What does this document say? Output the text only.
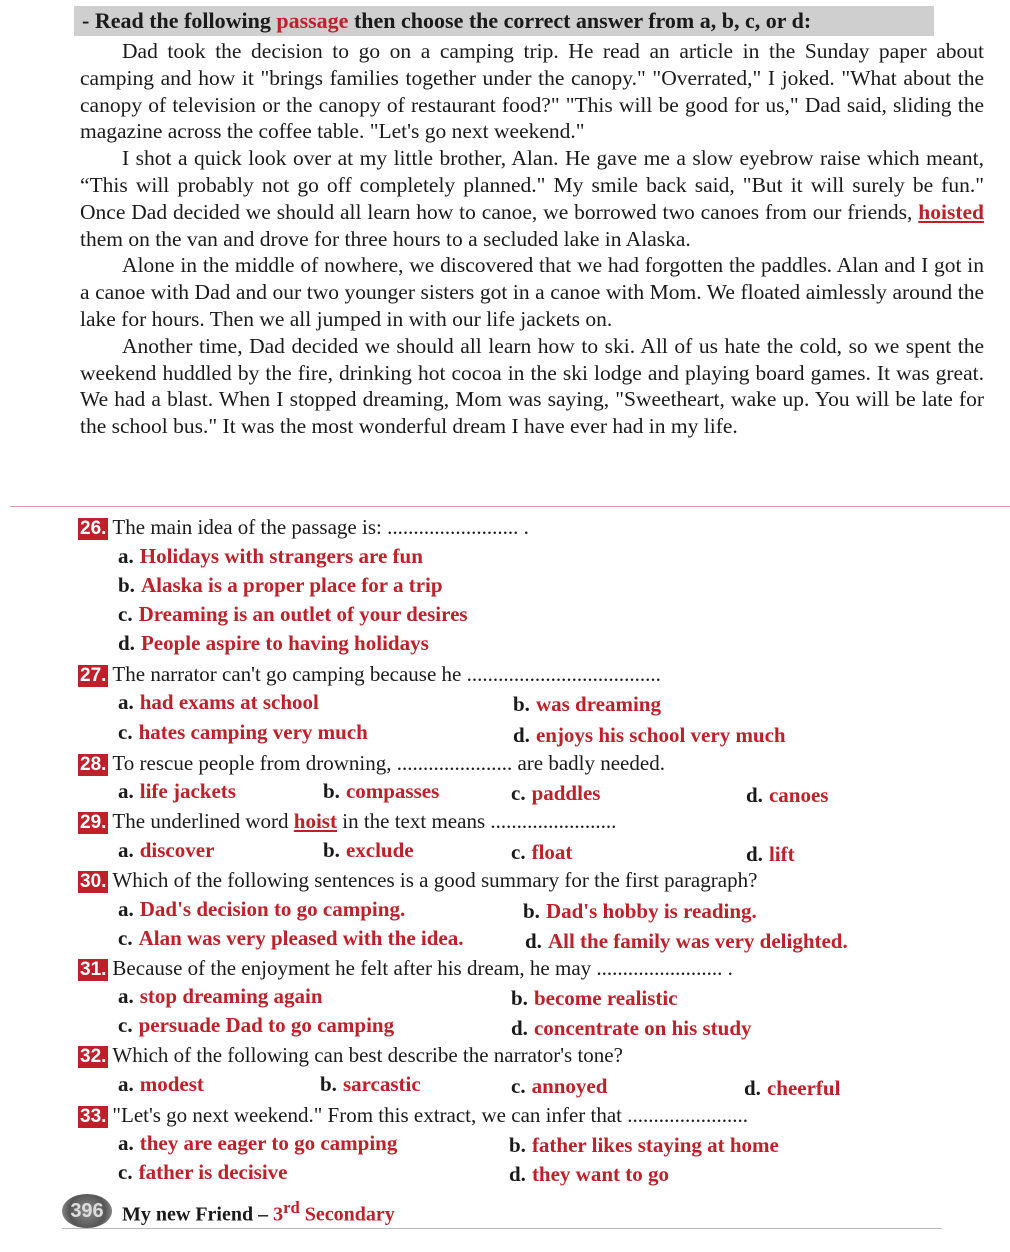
- Read the following passage then choose the correct answer from a, b, c, or d:

Dad took the decision to go on a camping trip. He read an article in the Sunday paper about camping and how it "brings families together under the canopy." "Overrated," I joked. "What about the canopy of television or the canopy of restaurant food?" "This will be good for us," Dad said, sliding the magazine across the coffee table. "Let's go next weekend."

I shot a quick look over at my little brother, Alan. He gave me a slow eyebrow raise which meant, “This will probably not go off completely planned." My smile back said, "But it will surely be fun." Once Dad decided we should all learn how to canoe, we borrowed two canoes from our friends, hoisted them on the van and drove for three hours to a secluded lake in Alaska.

Alone in the middle of nowhere, we discovered that we had forgotten the paddles. Alan and I got in a canoe with Dad and our two younger sisters got in a canoe with Mom. We floated aimlessly around the lake for hours. Then we all jumped in with our life jackets on.

Another time, Dad decided we should all learn how to ski. All of us hate the cold, so we spent the weekend huddled by the fire, drinking hot cocoa in the ski lodge and playing board games. It was great. We had a blast. When I stopped dreaming, Mom was saying, "Sweetheart, wake up. You will be late for the school bus." It was the most wonderful dream I have ever had in my life.

26. The main idea of the passage is: ......................... .
a. Holidays with strangers are fun
b. Alaska is a proper place for a trip
c. Dreaming is an outlet of your desires
d. People aspire to having holidays
27. The narrator can't go camping because he .....................................
a. had exams at school	b. was dreaming
c. hates camping very much	d. enjoys his school very much
28. To rescue people from drowning, ...................... are badly needed.
a. life jackets	b. compasses	c. paddles	d. canoes
29. The underlined word hoist in the text means ........................
a. discover	b. exclude	c. float	d. lift
30. Which of the following sentences is a good summary for the first paragraph?
a. Dad's decision to go camping.	b. Dad's hobby is reading.
c. Alan was very pleased with the idea.	d. All the family was very delighted.
31. Because of the enjoyment he felt after his dream, he may ........................ .
a. stop dreaming again	b. become realistic
c. persuade Dad to go camping	d. concentrate on his study
32. Which of the following can best describe the narrator's tone?
a. modest	b. sarcastic	c. annoyed	d. cheerful
33. "Let's go next weekend." From this extract, we can infer that .......................
a. they are eager to go camping	b. father likes staying at home
c. father is decisive	d. they want to go
396 My new Friend – 3rd Secondary
